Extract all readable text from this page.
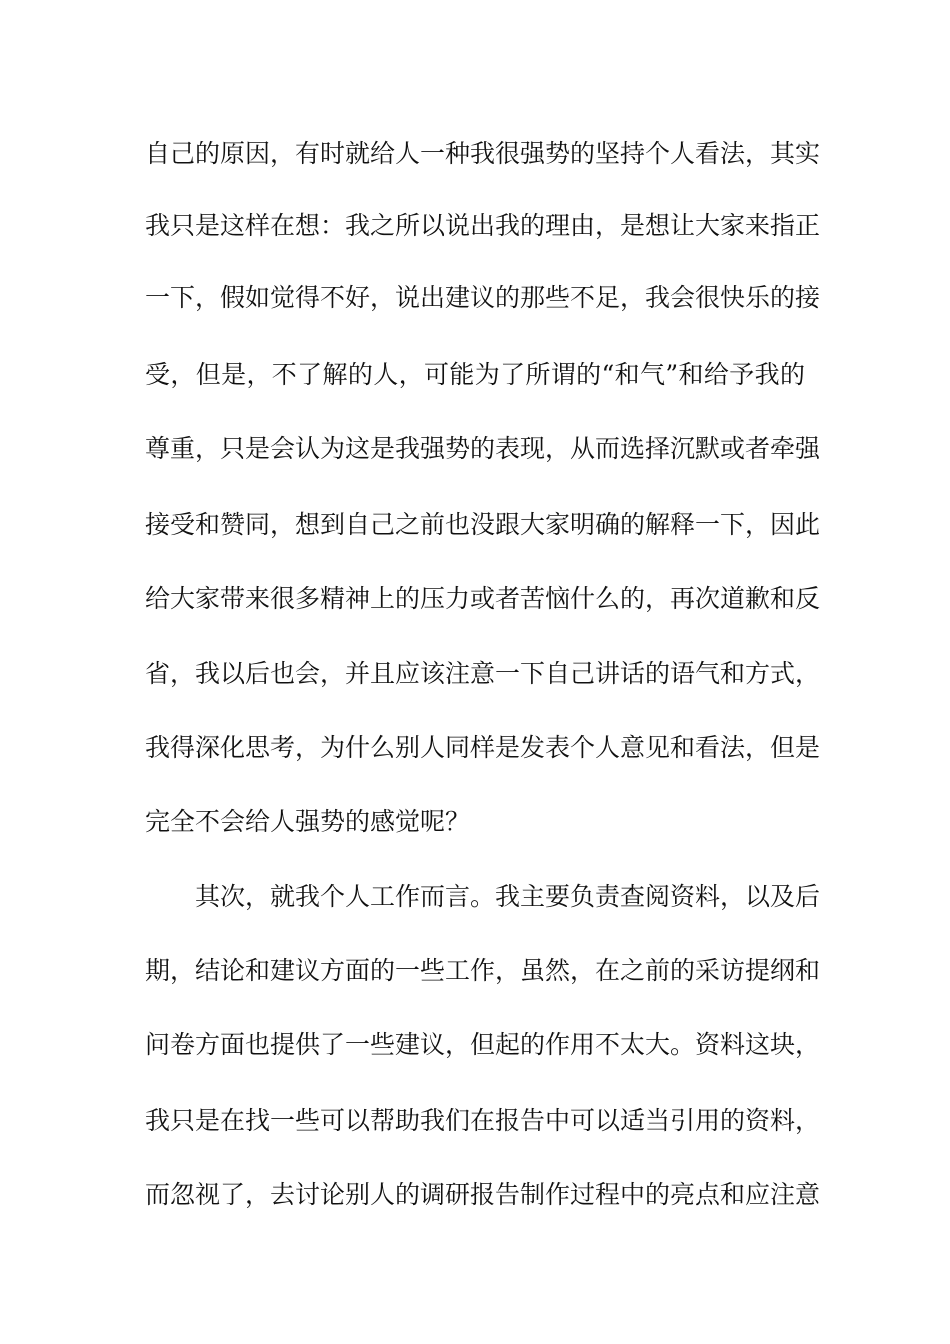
自己的原因，有时就给人一种我很强势的坚持个人看法，其实
我只是这样在想：我之所以说出我的理由，是想让大家来指正
一下，假如觉得不好，说出建议的那些不足，我会很快乐的接
受，但是，不了解的人，可能为了所谓的“和气”和给予我的
尊重，只是会认为这是我强势的表现，从而选择沉默或者牵强
接受和赞同，想到自己之前也没跟大家明确的解释一下，因此
给大家带来很多精神上的压力或者苦恼什么的，再次道歉和反
省，我以后也会，并且应该注意一下自己讲话的语气和方式，
我得深化思考，为什么别人同样是发表个人意见和看法，但是
完全不会给人强势的感觉呢？
其次，就我个人工作而言。我主要负责查阅资料，以及后
期，结论和建议方面的一些工作，虽然，在之前的采访提纲和
问卷方面也提供了一些建议，但起的作用不太大。资料这块，
我只是在找一些可以帮助我们在报告中可以适当引用的资料，
而忽视了，去讨论别人的调研报告制作过程中的亮点和应注意
